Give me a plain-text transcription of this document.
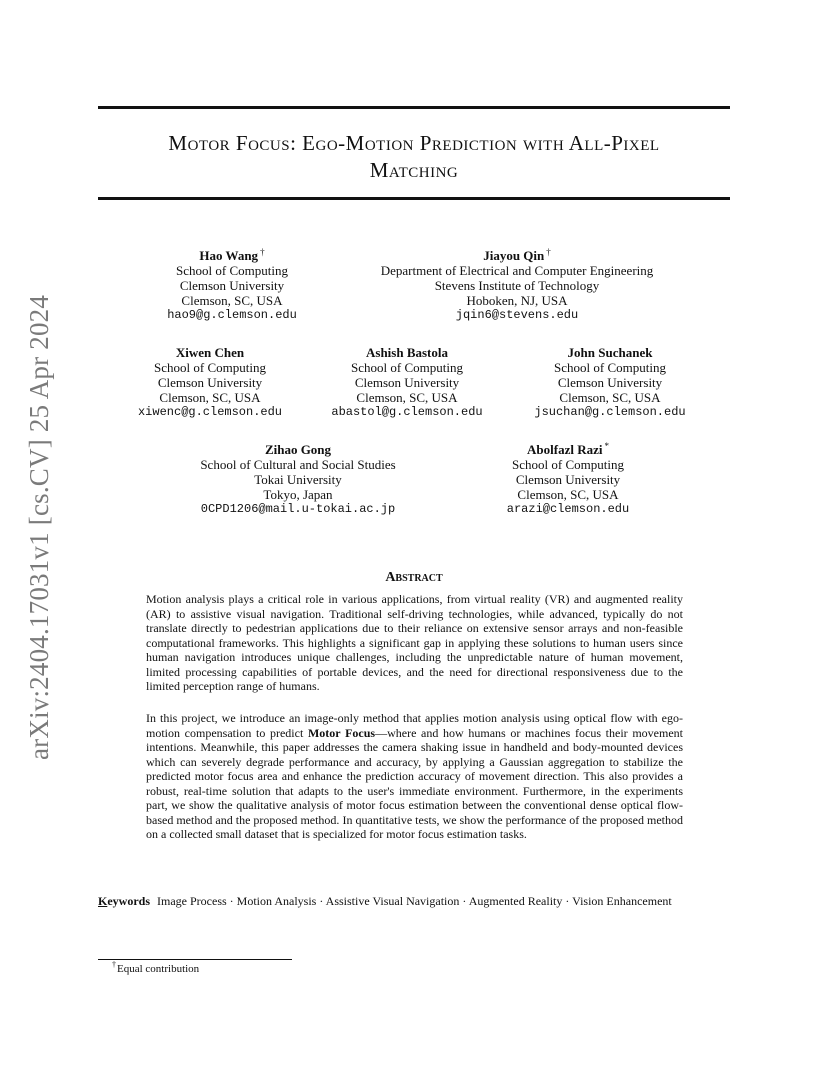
Motor Focus: Ego-Motion Prediction with All-Pixel
Matching
arXiv:2404.17031v1 [cs.CV] 25 Apr 2024
Hao Wang †
School of Computing
Clemson University
Clemson, SC, USA
hao9@g.clemson.edu
Jiayou Qin †
Department of Electrical and Computer Engineering
Stevens Institute of Technology
Hoboken, NJ, USA
jqin6@stevens.edu
Xiwen Chen
School of Computing
Clemson University
Clemson, SC, USA
xiwenc@g.clemson.edu
Ashish Bastola
School of Computing
Clemson University
Clemson, SC, USA
abastol@g.clemson.edu
John Suchanek
School of Computing
Clemson University
Clemson, SC, USA
jsuchan@g.clemson.edu
Zihao Gong
School of Cultural and Social Studies
Tokai University
Tokyo, Japan
0CPD1206@mail.u-tokai.ac.jp
Abolfazl Razi *
School of Computing
Clemson University
Clemson, SC, USA
arazi@clemson.edu
Abstract

Motion analysis plays a critical role in various applications, from virtual reality (VR) and augmented reality (AR) to assistive visual navigation. Traditional self-driving technologies, while advanced, typically do not translate directly to pedestrian applications due to their reliance on extensive sensor arrays and non-feasible computational frameworks. This highlights a significant gap in applying these solutions to human users since human navigation introduces unique challenges, including the unpredictable nature of human movement, limited processing capabilities of portable devices, and the need for directional responsiveness due to the limited perception range of humans.

In this project, we introduce an image-only method that applies motion analysis using optical flow with ego-motion compensation to predict Motor Focus—where and how humans or machines focus their movement intentions. Meanwhile, this paper addresses the camera shaking issue in handheld and body-mounted devices which can severely degrade performance and accuracy, by applying a Gaussian aggregation to stabilize the predicted motor focus area and enhance the prediction accuracy of movement direction. This also provides a robust, real-time solution that adapts to the user's immediate environment. Furthermore, in the experiments part, we show the qualitative analysis of motor focus estimation between the conventional dense optical flow-based method and the proposed method. In quantitative tests, we show the performance of the proposed method on a collected small dataset that is specialized for motor focus estimation tasks.

Keywords Image Process · Motion Analysis · Assistive Visual Navigation · Augmented Reality · Vision Enhancement
†Equal contribution
